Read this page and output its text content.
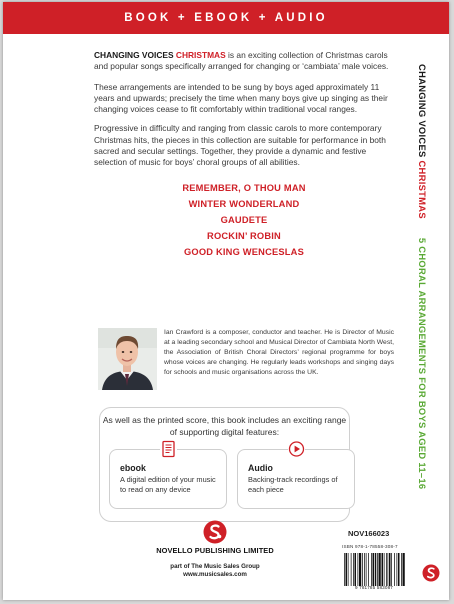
BOOK + EBOOK + AUDIO

CHANGING VOICES CHRISTMAS is an exciting collection of Christmas carols and popular songs specifically arranged for changing or ‘cambiata’ male voices.

These arrangements are intended to be sung by boys aged approximately 11 years and upwards; precisely the time when many boys give up singing as their changing voices cease to fit comfortably within traditional vocal ranges.

Progressive in difficulty and ranging from classic carols to more contemporary Christmas hits, the pieces in this collection are suitable for performance in both sacred and secular settings. Together, they provide a dynamic and festive selection of music for boys’ choral groups of all abilities.

REMEMBER, O THOU MAN
WINTER WONDERLAND
GAUDETE
ROCKIN’ ROBIN
GOOD KING WENCESLAS
CHANGING VOICES CHRISTMAS 5 CHORAL ARRANGEMENTS FOR BOYS AGED 11–16
Ian Crawford is a composer, conductor and teacher. He is Director of Music at a leading secondary school and Musical Director of Cambiata North West, the Association of British Choral Directors’ regional programme for boys whose voices are changing. He regularly leads workshops and singing days for schools and music organisations across the UK.
As well as the printed score, this book includes an exciting range of supporting digital features:
ebook
A digital edition of your music to read on any device
Audio
Backing-track recordings of each piece
NOVELLO PUBLISHING LIMITED
part of The Music Sales Group
www.musicsales.com
NOV166023
ISBN 978-1-78558-308-7
9 781785 583087
